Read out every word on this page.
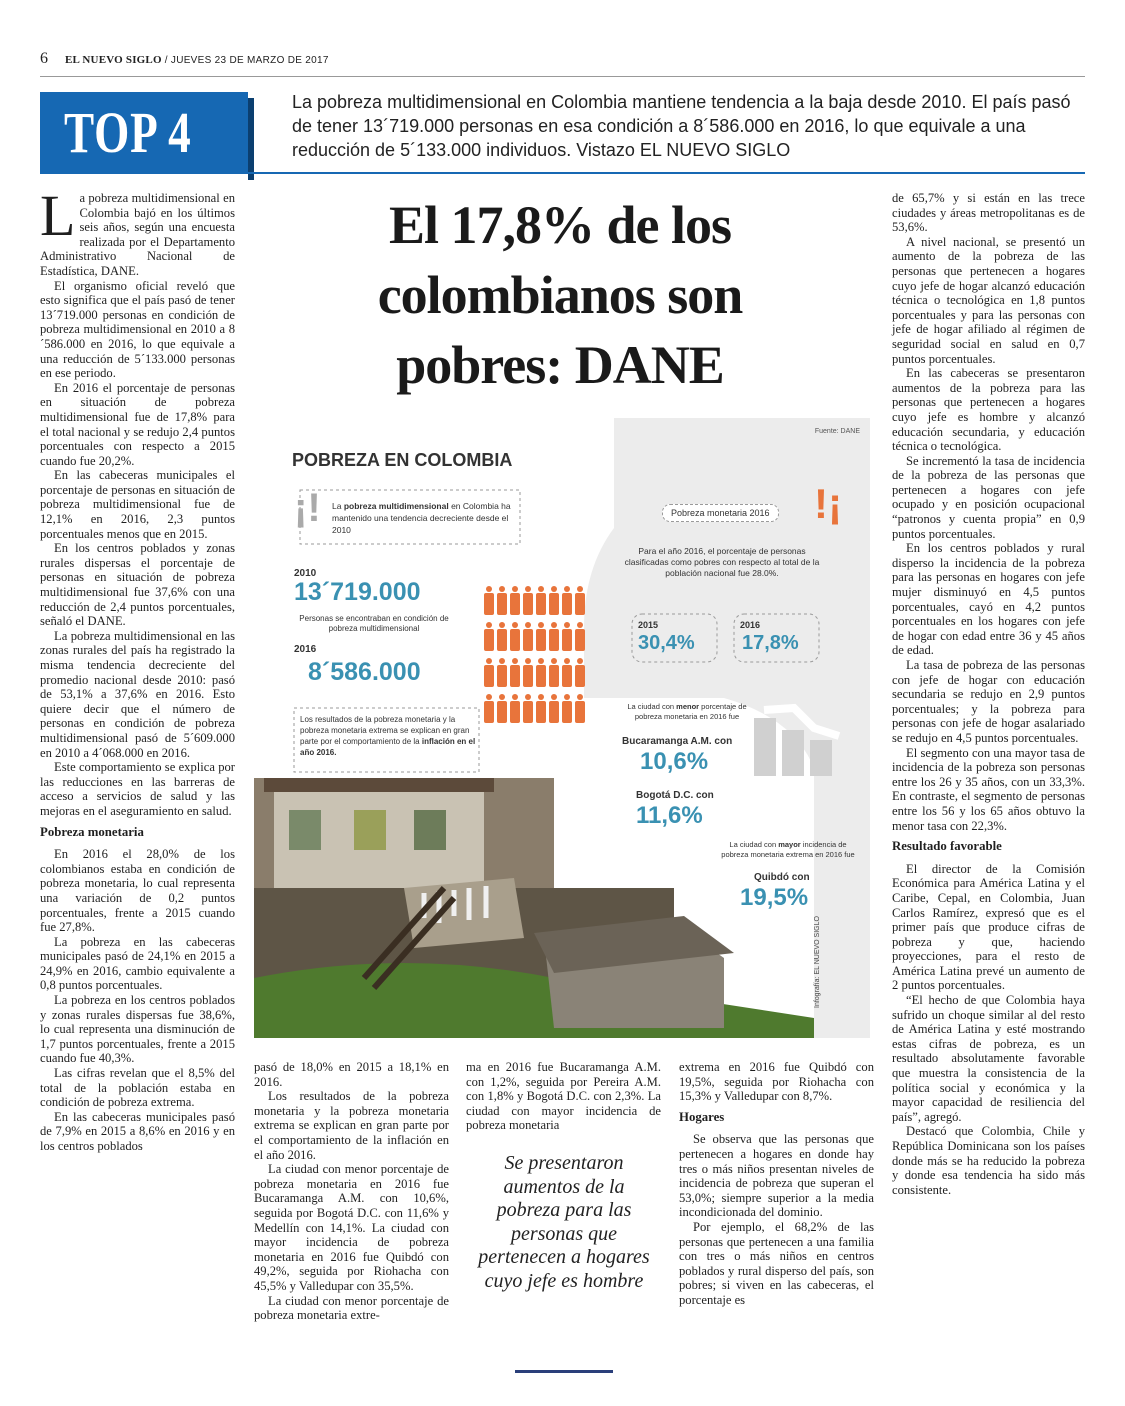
6 EL NUEVO SIGLO / JUEVES 23 DE MARZO DE 2017
TOP 4	La pobreza multidimensional en Colombia mantiene tendencia a la baja desde 2010. El país pasó de tener 13´719.000 personas en esa condición a 8´586.000 en 2016, lo que equivale a una reducción de 5´133.000 individuos. Vistazo EL NUEVO SIGLO
El 17,8% de los colombianos son pobres: DANE

La pobreza multidimensional en Colombia bajó en los últimos seis años, según una encuesta realizada por el Departamento Administrativo Nacional de Estadística, DANE.

El organismo oficial reveló que esto significa que el país pasó de tener 13´719.000 personas en condición de pobreza multidimensional en 2010 a 8´586.000 en 2016, lo que equivale a una reducción de 5´133.000 personas en ese periodo.

En 2016 el porcentaje de personas en situación de pobreza multidimensional fue de 17,8% para el total nacional y se redujo 2,4 puntos porcentuales con respecto a 2015 cuando fue 20,2%.

En las cabeceras municipales el porcentaje de personas en situación de pobreza multidimensional fue de 12,1% en 2016, 2,3 puntos porcentuales menos que en 2015.

En los centros poblados y zonas rurales dispersas el porcentaje de personas en situación de pobreza multidimensional fue 37,6% con una reducción de 2,4 puntos porcentuales, señaló el DANE.

La pobreza multidimensional en las zonas rurales del país ha registrado la misma tendencia decreciente del promedio nacional desde 2010: pasó de 53,1% a 37,6% en 2016. Esto quiere decir que el número de personas en condición de pobreza multidimensional pasó de 5´609.000 en 2010 a 4´068.000 en 2016.

Este comportamiento se explica por las reducciones en las barreras de acceso a servicios de salud y las mejoras en el aseguramiento en salud.

Pobreza monetaria

En 2016 el 28,0% de los colombianos estaba en condición de pobreza monetaria, lo cual representa una variación de 0,2 puntos porcentuales, frente a 2015 cuando fue 27,8%.

La pobreza en las cabeceras municipales pasó de 24,1% en 2015 a 24,9% en 2016, cambio equivalente a 0,8 puntos porcentuales.

La pobreza en los centros poblados y zonas rurales dispersas fue 38,6%, lo cual representa una disminución de 1,7 puntos porcentuales, frente a 2015 cuando fue 40,3%.

Las cifras revelan que el 8,5% del total de la población estaba en condición de pobreza extrema.

En las cabeceras municipales pasó de 7,9% en 2015 a 8,6% en 2016 y en los centros poblados

pasó de 18,0% en 2015 a 18,1% en 2016.

Los resultados de la pobreza monetaria y la pobreza monetaria extrema se explican en gran parte por el comportamiento de la inflación en el año 2016.

La ciudad con menor porcentaje de pobreza monetaria en 2016 fue Bucaramanga A.M. con 10,6%, seguida por Bogotá D.C. con 11,6% y Medellín con 14,1%. La ciudad con mayor incidencia de pobreza monetaria en 2016 fue Quibdó con 49,2%, seguida por Riohacha con 45,5% y Valledupar con 35,5%.

La ciudad con menor porcentaje de pobreza monetaria extre-

ma en 2016 fue Bucaramanga A.M. con 1,2%, seguida por Pereira A.M. con 1,8% y Bogotá D.C. con 2,3%. La ciudad con mayor incidencia de pobreza monetaria

Se presentaron aumentos de la pobreza para las personas que pertenecen a hogares cuyo jefe es hombre

extrema en 2016 fue Quibdó con 19,5%, seguida por Riohacha con 15,3% y Valledupar con 8,7%.

Hogares

Se observa que las personas que pertenecen a hogares en donde hay tres o más niños presentan niveles de incidencia de pobreza que superan el 53,0%; siempre superior a la media incondicionada del dominio.

Por ejemplo, el 68,2% de las personas que pertenecen a una familia con tres o más niños en centros poblados y rural disperso del país, son pobres; si viven en las cabeceras, el porcentaje es

de 65,7% y si están en las trece ciudades y áreas metropolitanas es de 53,6%.

A nivel nacional, se presentó un aumento de la pobreza de las personas que pertenecen a hogares cuyo jefe de hogar alcanzó educación técnica o tecnológica en 1,8 puntos porcentuales y para las personas con jefe de hogar afiliado al régimen de seguridad social en salud en 0,7 puntos porcentuales.

En las cabeceras se presentaron aumentos de la pobreza para las personas que pertenecen a hogares cuyo jefe es hombre y alcanzó educación secundaria, y educación técnica o tecnológica.

Se incrementó la tasa de incidencia de la pobreza de las personas que pertenecen a hogares con jefe ocupado y en posición ocupacional “patronos y cuenta propia” en 0,9 puntos porcentuales.

En los centros poblados y rural disperso la incidencia de la pobreza para las personas en hogares con jefe mujer disminuyó en 4,5 puntos porcentuales, cayó en 4,2 puntos porcentuales en los hogares con jefe de hogar con edad entre 36 y 45 años de edad.

La tasa de pobreza de las personas con jefe de hogar con educación secundaria se redujo en 2,9 puntos porcentuales; y la pobreza para personas con jefe de hogar asalariado se redujo en 4,5 puntos porcentuales.

El segmento con una mayor tasa de incidencia de la pobreza son personas entre los 26 y 35 años, con un 33,3%. En contraste, el segmento de personas entre los 56 y los 65 años obtuvo la menor tasa con 22,3%.

Resultado favorable

El director de la Comisión Económica para América Latina y el Caribe, Cepal, en Colombia, Juan Carlos Ramírez, expresó que es el primer país que produce cifras de pobreza y que, haciendo proyecciones, para el resto de América Latina prevé un aumento de 2 puntos porcentuales.

“El hecho de que Colombia haya sufrido un choque similar al del resto de América Latina y esté mostrando estas cifras de pobreza, es un resultado absolutamente favorable que muestra la consistencia de la política social y económica y la mayor capacidad de resiliencia del país”, agregó.

Destacó que Colombia, Chile y República Dominicana son los países donde más se ha reducido la pobreza y donde esa tendencia ha sido más consistente.

Fuente: DANE
POBREZA EN COLOMBIA
¡! La pobreza multidimensional en Colombia ha mantenido una tendencia decreciente desde el 2010
2010
13´719.000
Personas se encontraban en condición de pobreza multidimensional
2016
8´586.000
Pobreza monetaria 2016 !¡
Para el año 2016, el porcentaje de personas clasificadas como pobres con respecto al total de la población nacional fue 28.0%.
2015
30,4%
2016
17,8%
Los resultados de la pobreza monetaria y la pobreza monetaria extrema se explican en gran parte por el comportamiento de la inflación en el año 2016.
La ciudad con menor porcentaje de pobreza monetaria en 2016 fue
Bucaramanga A.M. con
10,6%
Bogotá D.C. con
11,6%
La ciudad con mayor incidencia de pobreza monetaria extrema en 2016 fue
Quibdó con
19,5%
Infografía: EL NUEVO SIGLO
